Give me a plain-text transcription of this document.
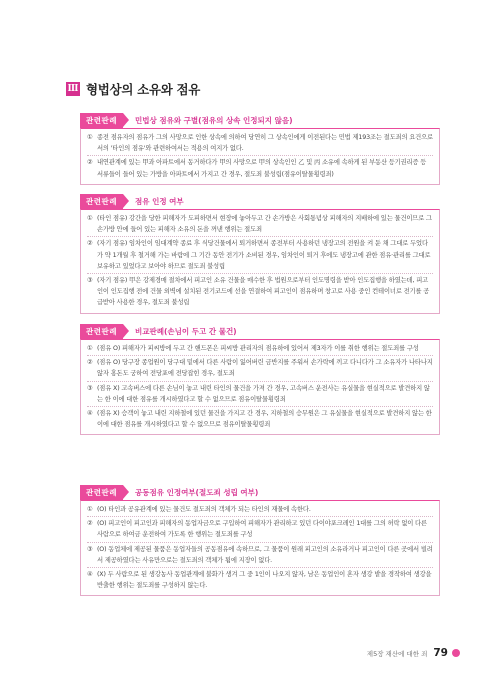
Ⅲ 형법상의 소유와 점유
관련판례	민법상 점유와 구별(점유의 상속 인정되지 않음)
① 종전 점유자의 점유가 그의 사망으로 인한 상속에 의하여 당연히 그 상속인에게 이전된다는 민법 제193조는 절도죄의 요건으로서의 '타인의 점유'와 관련하여서는 적용의 여지가 없다.
② 내연관계에 있는 甲과 아파트에서 동거하다가 甲의 사망으로 甲의 상속인인 乙 및 丙 소유에 속하게 된 부동산 등기권리증 등 서류들이 들어 있는 가방을 아파트에서 가지고 간 경우, 절도죄 불성립(점유이탈물횡령죄)
관련판례	점유 인정 여부
① (타인 점유) 강간을 당한 피해자가 도피하면서 현장에 놓아두고 간 손가방은 사회통념상 피해자의 지배하에 있는 물건이므로 그 손가방 안에 들어 있는 피해자 소유의 돈을 꺼낸 행위는 절도죄
② (자기 점유) 임차인이 임대계약 종료 후 식당건물에서 퇴거하면서 종전부터 사용하던 냉장고의 전원을 켜 둔 채 그대로 두었다가 약 1개월 후 철거해 가는 바람에 그 기간 동안 전기가 소비된 경우, 임차인이 퇴거 후에도 냉장고에 관한 점유·관리를 그대로 보유하고 있었다고 보아야 하므로 절도죄 불성립
③ (자기 점유) 甲은 강제경매 절차에서 피고인 소유 건물을 매수한 후 법원으로부터 인도명령을 받아 인도집행을 하였는데, 피고인이 인도집행 전에 건물 외벽에 설치된 전기코드에 선을 연결하여 피고인이 점유하며 창고로 사용 중인 컨테이너로 전기를 공급받아 사용한 경우, 절도죄 불성립
관련판례	비교판례(손님이 두고 간 물건)
① (점유 O) 피해자가 피씨방에 두고 간 핸드폰은 피씨방 관리자의 점유하에 있어서 제3자가 이를 취한 행위는 절도죄를 구성
② (점유 O) 당구장 종업원이 당구대 밑에서 다른 사람이 잃어버린 금반지를 주워서 손가락에 끼고 다니다가 그 소유자가 나타나지 않자 홍돈도 궁하여 전당포에 전당잡힌 경우, 절도죄
③ (점유 X) 고속버스에 다른 손님이 놓고 내린 타인의 물건을 가져 간 경우, 고속버스 운전사는 유실물을 현실적으로 발견하지 않는 한 이에 대한 점유를 개시하였다고 할 수 없으므로 점유이탈물횡령죄
④ (점유 X) 승객이 놓고 내린 지하철에 있던 물건을 가지고 간 경우, 지하철의 승무원은 그 유실물을 현실적으로 발견하지 않는 한 이에 대한 점유를 개시하였다고 할 수 없으므로 점유이탈물횡령죄
관련판례	공동점유 인정여부(절도죄 성립 여부)
① (O) 타인과 공유관계에 있는 물건도 절도죄의 객체가 되는 타인의 재물에 속한다.
② (O) 피고인이 피고인과 피해자의 동업자금으로 구입하여 피해자가 관리하고 있던 다이야포크레인 1대를 그의 허락 없이 다른 사람으로 하여금 운전하여 가도록 한 행위는 절도죄를 구성
③ (O) 동업체에 제공된 물품은 동업자들의 공동점유에 속하므로, 그 물품이 원래 피고인의 소유라거나 피고인이 다른 곳에서 빌려서 제공하였다는 사유만으로는 절도죄의 객체가 됨에 지장이 없다.
④ (X) 두 사람으로 된 생강농사 동업관계에 불화가 생겨 그 중 1인이 나오지 않자, 남은 동업인이 혼자 생강 밭을 경작하여 생강을 반출한 행위는 절도죄를 구성하지 않는다.
제5장 재산에 대한 죄 79
